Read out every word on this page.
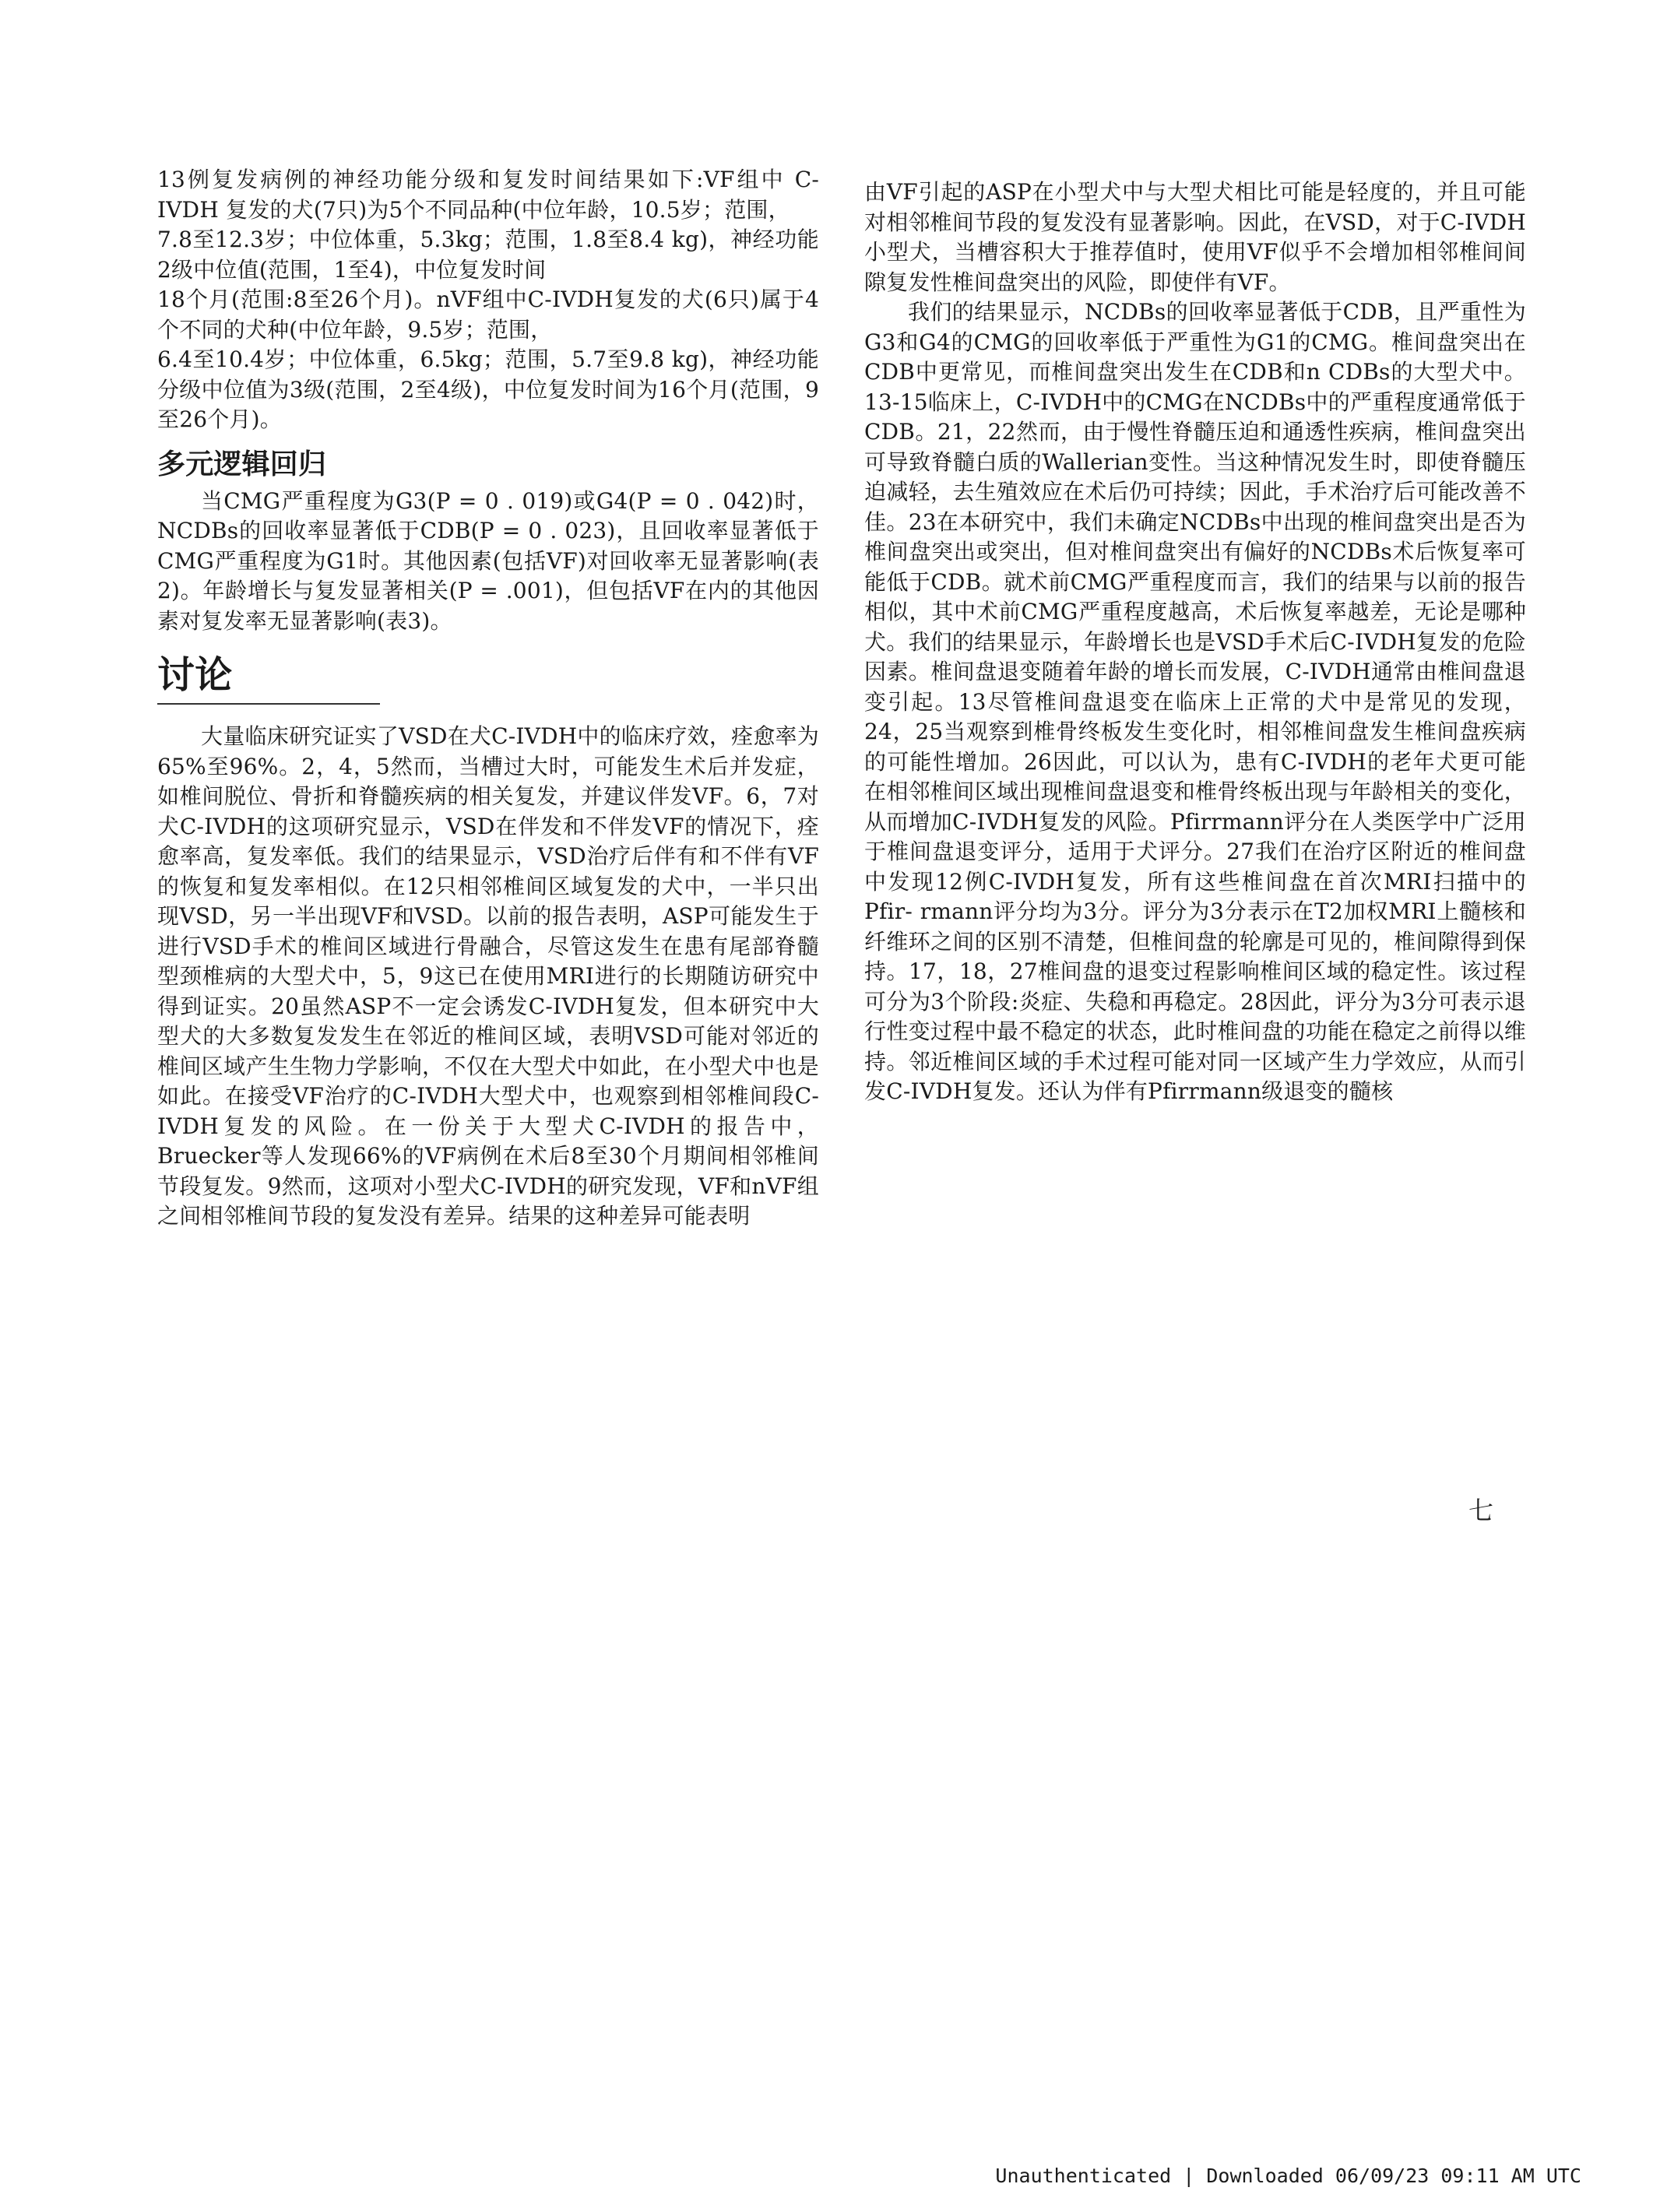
13例复发病例的神经功能分级和复发时间结果如下:VF组中 C-IVDH 复发的犬(7只)为5个不同品种(中位年龄，10.5岁；范围，
7.8至12.3岁；中位体重，5.3kg；范围，1.8至8.4 kg)，神经功能2级中位值(范围，1至4)，中位复发时间
18个月(范围:8至26个月)。nVF组中C-IVDH复发的犬(6只)属于4个不同的犬种(中位年龄，9.5岁；范围，
6.4至10.4岁；中位体重，6.5kg；范围，5.7至9.8 kg)，神经功能分级中位值为3级(范围，2至4级)，中位复发时间为16个月(范围，9至26个月)。

多元逻辑回归

当CMG严重程度为G3(P = 0 . 019)或G4(P = 0 . 042)时，NCDBs的回收率显著低于CDB(P = 0 . 023)，且回收率显著低于CMG严重程度为G1时。其他因素(包括VF)对回收率无显著影响(表2)。年龄增长与复发显著相关(P = .001)，但包括VF在内的其他因素对复发率无显著影响(表3)。

讨论

大量临床研究证实了VSD在犬C-IVDH中的临床疗效，痊愈率为65%至96%。2，4，5然而，当槽过大时，可能发生术后并发症，如椎间脱位、骨折和脊髓疾病的相关复发，并建议伴发VF。6，7对犬C-IVDH的这项研究显示，VSD在伴发和不伴发VF的情况下，痊愈率高，复发率低。我们的结果显示，VSD治疗后伴有和不伴有VF的恢复和复发率相似。在12只相邻椎间区域复发的犬中，一半只出现VSD，另一半出现VF和VSD。以前的报告表明，ASP可能发生于进行VSD手术的椎间区域进行骨融合，尽管这发生在患有尾部脊髓型颈椎病的大型犬中，5，9这已在使用MRI进行的长期随访研究中得到证实。20虽然ASP不一定会诱发C-IVDH复发，但本研究中大型犬的大多数复发发生在邻近的椎间区域，表明VSD可能对邻近的椎间区域产生生物力学影响，不仅在大型犬中如此，在小型犬中也是如此。在接受VF治疗的C-IVDH大型犬中，也观察到相邻椎间段C-IVDH复发的风险。在一份关于大型犬C-IVDH的报告中，Bruecker等人发现66%的VF病例在术后8至30个月期间相邻椎间节段复发。9然而，这项对小型犬C-IVDH的研究发现，VF和nVF组之间相邻椎间节段的复发没有差异。结果的这种差异可能表明

由VF引起的ASP在小型犬中与大型犬相比可能是轻度的，并且可能对相邻椎间节段的复发没有显著影响。因此，在VSD，对于C-IVDH小型犬，当槽容积大于推荐值时，使用VF似乎不会增加相邻椎间间隙复发性椎间盘突出的风险，即使伴有VF。

我们的结果显示，NCDBs的回收率显著低于CDB，且严重性为G3和G4的CMG的回收率低于严重性为G1的CMG。椎间盘突出在CDB中更常见，而椎间盘突出发生在CDB和n CDBs的大型犬中。13-15临床上，C-IVDH中的CMG在NCDBs中的严重程度通常低于CDB。21，22然而，由于慢性脊髓压迫和通透性疾病，椎间盘突出可导致脊髓白质的Wallerian变性。当这种情况发生时，即使脊髓压迫减轻，去生殖效应在术后仍可持续；因此，手术治疗后可能改善不佳。23在本研究中，我们未确定NCDBs中出现的椎间盘突出是否为椎间盘突出或突出，但对椎间盘突出有偏好的NCDBs术后恢复率可能低于CDB。就术前CMG严重程度而言，我们的结果与以前的报告相似，其中术前CMG严重程度越高，术后恢复率越差，无论是哪种犬。我们的结果显示，年龄增长也是VSD手术后C-IVDH复发的危险因素。椎间盘退变随着年龄的增长而发展，C-IVDH通常由椎间盘退变引起。13尽管椎间盘退变在临床上正常的犬中是常见的发现，24，25当观察到椎骨终板发生变化时，相邻椎间盘发生椎间盘疾病的可能性增加。26因此，可以认为，患有C-IVDH的老年犬更可能在相邻椎间区域出现椎间盘退变和椎骨终板出现与年龄相关的变化，从而增加C-IVDH复发的风险。Pfirrmann评分在人类医学中广泛用于椎间盘退变评分，适用于犬评分。27我们在治疗区附近的椎间盘中发现12例C-IVDH复发，所有这些椎间盘在首次MRI扫描中的Pfir- rmann评分均为3分。评分为3分表示在T2加权MRI上髓核和纤维环之间的区别不清楚，但椎间盘的轮廓是可见的，椎间隙得到保持。17，18，27椎间盘的退变过程影响椎间区域的稳定性。该过程可分为3个阶段:炎症、失稳和再稳定。28因此，评分为3分可表示退行性变过程中最不稳定的状态，此时椎间盘的功能在稳定之前得以维持。邻近椎间区域的手术过程可能对同一区域产生力学效应，从而引发C-IVDH复发。还认为伴有Pfirrmann级退变的髓核

七
Unauthenticated | Downloaded 06/09/23 09:11 AM UTC
